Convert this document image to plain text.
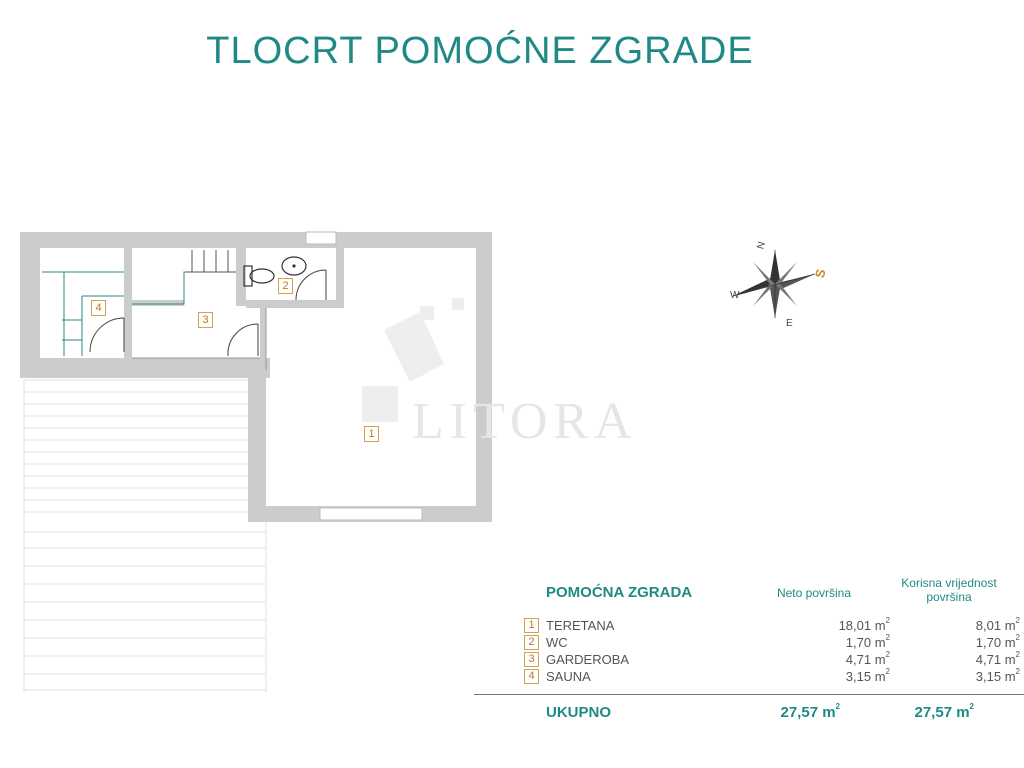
TLOCRT POMOĆNE ZGRADE
1
2
3
4
LITORA
N
S
W
E
POMOĆNA ZGRADA	Neto površina
Korisna vrijednost
površina
1 TERETANA	18,01 $m^2$	8,01 $m^2$
2 WC	1,70 $m^2$	1,70 $m^2$
3 GARDEROBA	4,71 $m^2$	4,71 $m^2$
4 SAUNA	3,15 $m^2$	3,15 $m^2$
UKUPNO	27,57 $m^2$	27,57 $m^2$
